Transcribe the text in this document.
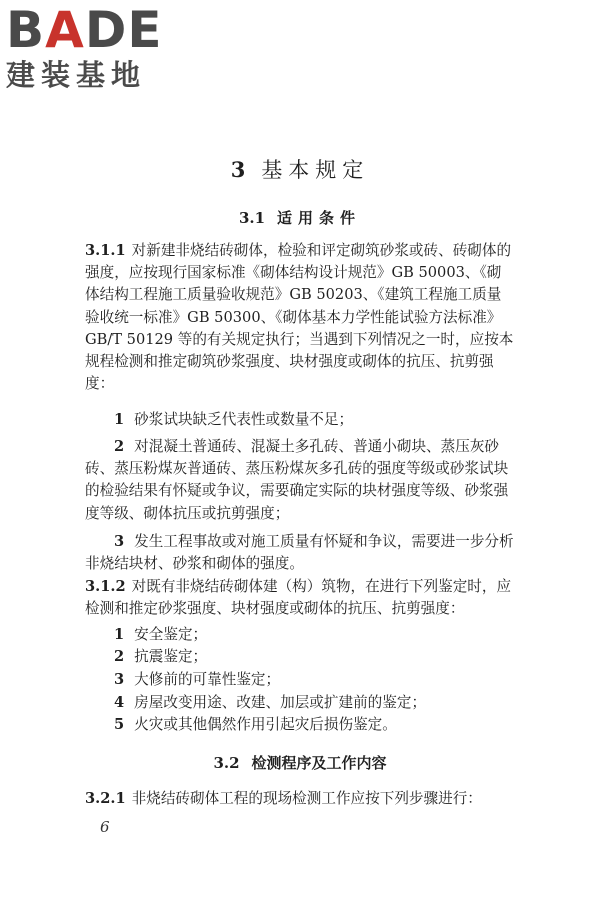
BADE
建装基地
3 基本规定
3.1 适用条件
3.1.1 对新建非烧结砖砌体，检验和评定砌筑砂浆或砖、砖砌体的强度，应按现行国家标准《砌体结构设计规范》GB 50003、《砌体结构工程施工质量验收规范》GB 50203、《建筑工程施工质量验收统一标准》GB 50300、《砌体基本力学性能试验方法标准》GB/T 50129 等的有关规定执行；当遇到下列情况之一时，应按本规程检测和推定砌筑砂浆强度、块材强度或砌体的抗压、抗剪强度：
1 砂浆试块缺乏代表性或数量不足；
2 对混凝土普通砖、混凝土多孔砖、普通小砌块、蒸压灰砂砖、蒸压粉煤灰普通砖、蒸压粉煤灰多孔砖的强度等级或砂浆试块的检验结果有怀疑或争议，需要确定实际的块材强度等级、砂浆强度等级、砌体抗压或抗剪强度；
3 发生工程事故或对施工质量有怀疑和争议，需要进一步分析非烧结块材、砂浆和砌体的强度。
3.1.2 对既有非烧结砖砌体建（构）筑物，在进行下列鉴定时，应检测和推定砂浆强度、块材强度或砌体的抗压、抗剪强度：
1 安全鉴定；
2 抗震鉴定；
3 大修前的可靠性鉴定；
4 房屋改变用途、改建、加层或扩建前的鉴定；
5 火灾或其他偶然作用引起灾后损伤鉴定。
3.2 检测程序及工作内容
3.2.1 非烧结砖砌体工程的现场检测工作应按下列步骤进行：
6
